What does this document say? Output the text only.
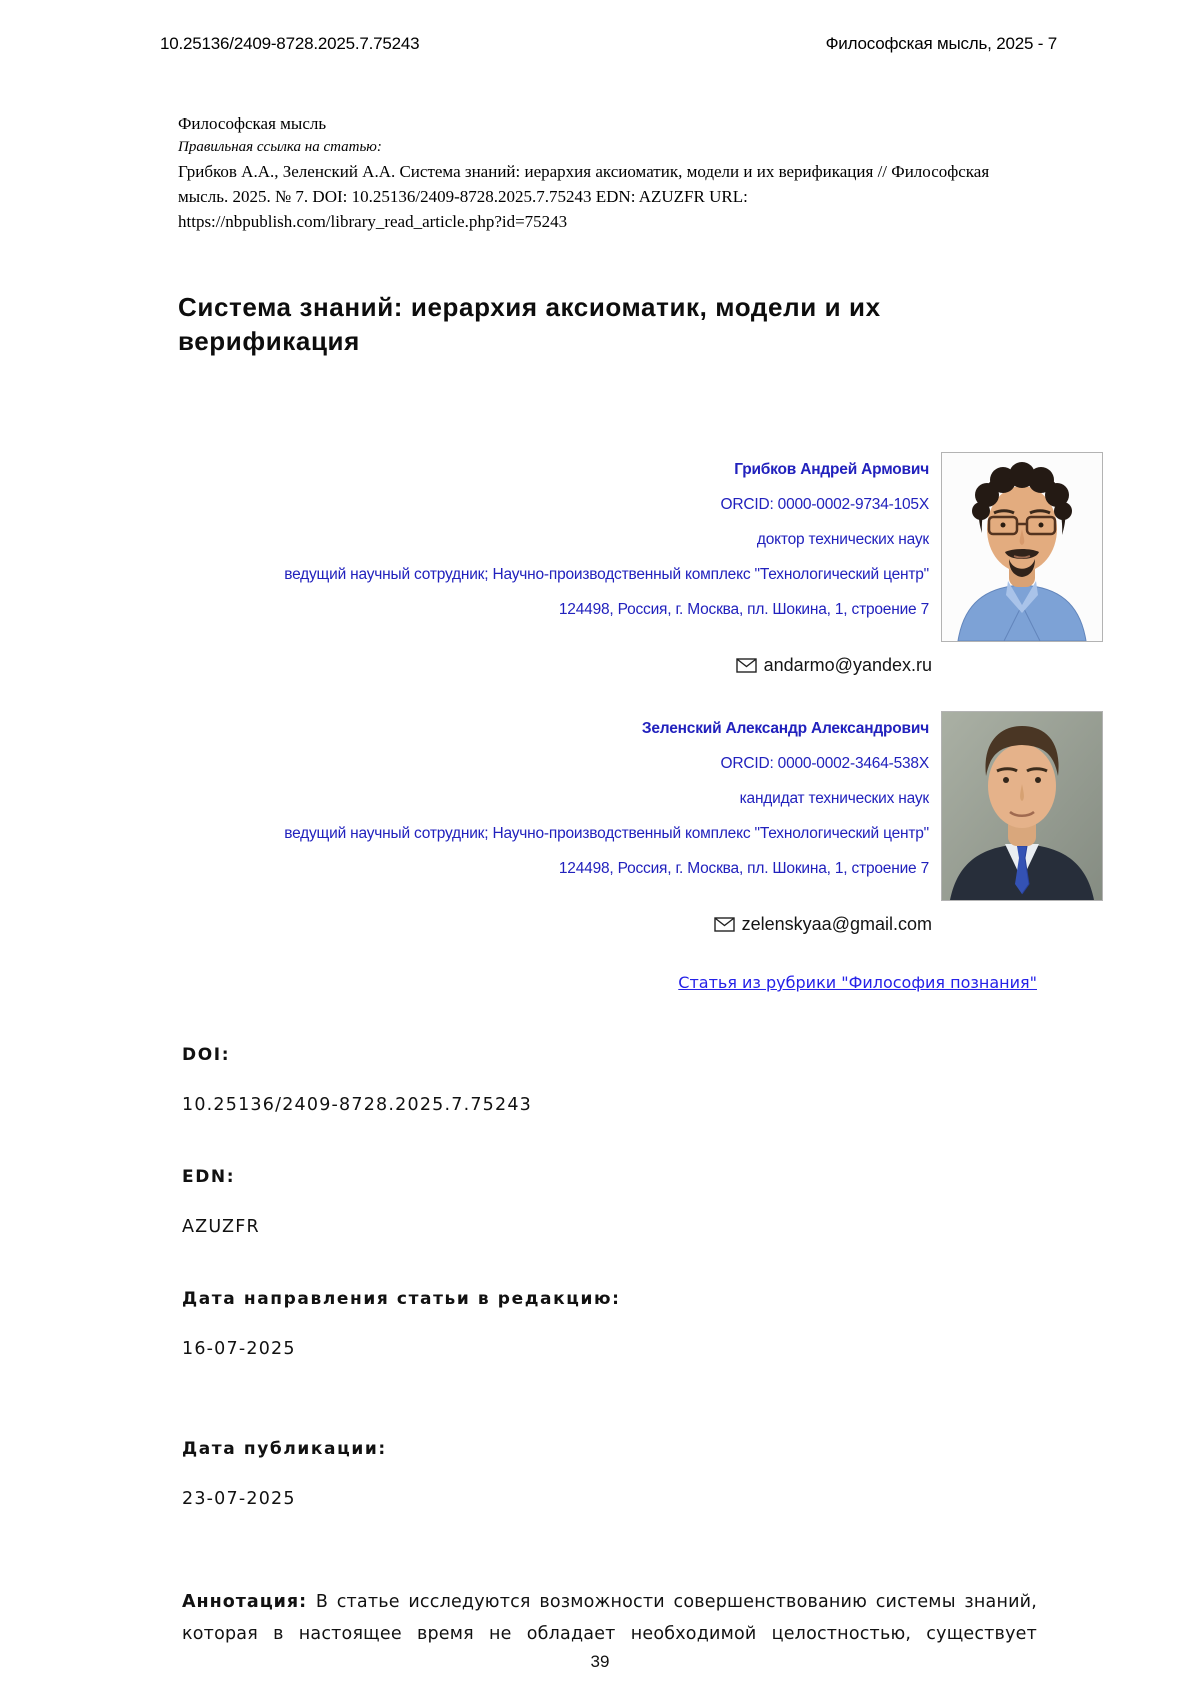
10.25136/2409-8728.2025.7.75243	Философская мысль, 2025 - 7
Философская мысль
Правильная ссылка на статью:
Грибков А.А., Зеленский А.А. Система знаний: иерархия аксиоматик, модели и их верификация // Философская мысль. 2025. № 7. DOI: 10.25136/2409-8728.2025.7.75243 EDN: AZUZFR URL: https://nbpublish.com/library_read_article.php?id=75243
Система знаний: иерархия аксиоматик, модели и их верификация

Грибков Андрей Армович

ORCID: 0000-0002-9734-105X

доктор технических наук

ведущий научный сотрудник; Научно-производственный комплекс "Технологический центр"

124498, Россия, г. Москва, пл. Шокина, 1, строение 7

andarmo@yandex.ru

Зеленский Александр Александрович

ORCID: 0000-0002-3464-538X

кандидат технических наук

ведущий научный сотрудник; Научно-производственный комплекс "Технологический центр"

124498, Россия, г. Москва, пл. Шокина, 1, строение 7

zelenskyaa@gmail.com
Статья из рубрики "Философия познания"
DOI:
10.25136/2409-8728.2025.7.75243
EDN:
AZUZFR
Дата направления статьи в редакцию:
16-07-2025
Дата публикации:
23-07-2025

Аннотация: В статье исследуются возможности совершенствованию системы знаний, которая в настоящее время не обладает необходимой целостностью, существует

39
